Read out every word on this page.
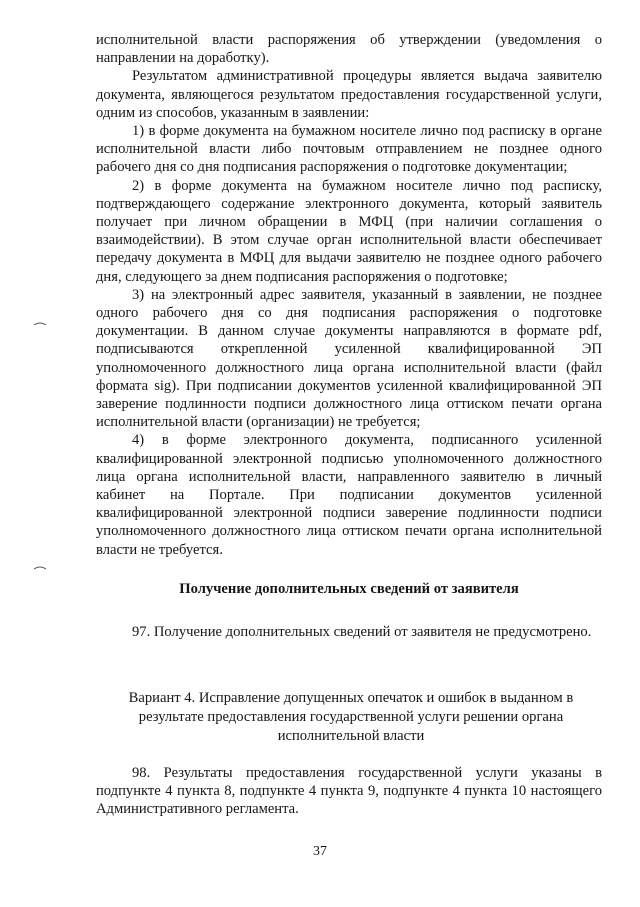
исполнительной власти распоряжения об утверждении (уведомления о направлении на доработку).

Результатом административной процедуры является выдача заявителю документа, являющегося результатом предоставления государственной услуги, одним из способов, указанным в заявлении:

1) в форме документа на бумажном носителе лично под расписку в органе исполнительной власти либо почтовым отправлением не позднее одного рабочего дня со дня подписания распоряжения о подготовке документации;

2) в форме документа на бумажном носителе лично под расписку, подтверждающего содержание электронного документа, который заявитель получает при личном обращении в МФЦ (при наличии соглашения о взаимодействии). В этом случае орган исполнительной власти обеспечивает передачу документа в МФЦ для выдачи заявителю не позднее одного рабочего дня, следующего за днем подписания распоряжения о подготовке;

3) на электронный адрес заявителя, указанный в заявлении, не позднее одного рабочего дня со дня подписания распоряжения о подготовке документации. В данном случае документы направляются в формате pdf, подписываются открепленной усиленной квалифицированной ЭП уполномоченного должностного лица органа исполнительной власти (файл формата sig). При подписании документов усиленной квалифицированной ЭП заверение подлинности подписи должностного лица оттиском печати органа исполнительной власти (организации) не требуется;

4) в форме электронного документа, подписанного усиленной квалифицированной электронной подписью уполномоченного должностного лица органа исполнительной власти, направленного заявителю в личный кабинет на Портале. При подписании документов усиленной квалифицированной электронной подписи заверение подлинности подписи уполномоченного должностного лица оттиском печати органа исполнительной власти не требуется.

Получение дополнительных сведений от заявителя

97. Получение дополнительных сведений от заявителя не предусмотрено.

Вариант 4. Исправление допущенных опечаток и ошибок в выданном в результате предоставления государственной услуги решении органа исполнительной власти

98. Результаты предоставления государственной услуги указаны в подпункте 4 пункта 8, подпункте 4 пункта 9, подпункте 4 пункта 10 настоящего Административного регламента.

37
